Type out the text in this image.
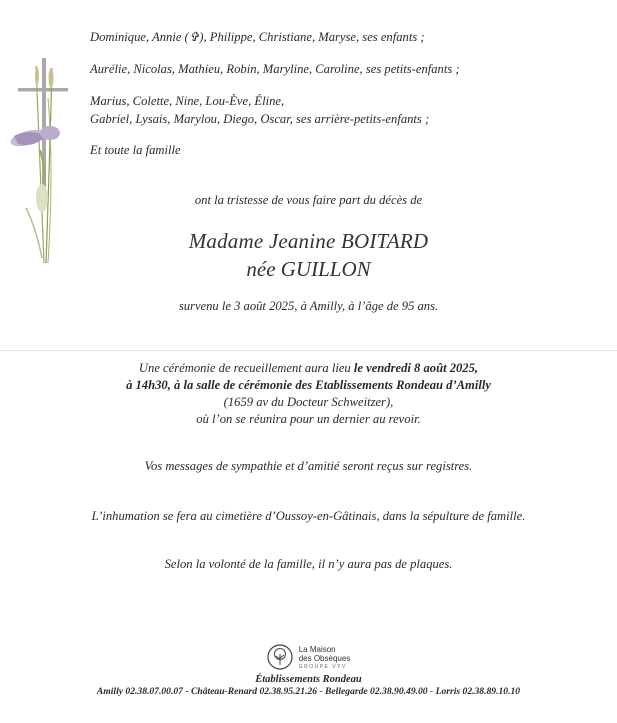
Dominique, Annie (✞), Philippe, Christiane, Maryse, ses enfants ;

Aurélie, Nicolas, Mathieu, Robin, Maryline, Caroline, ses petits-enfants ;

Marius, Colette, Nine, Lou-Ève, Éline,
Gabriel, Lysais, Marylou, Diego, Oscar, ses arrière-petits-enfants ;

Et toute la famille

ont la tristesse de vous faire part du décès de
Madame Jeanine BOITARD
née GUILLON
survenu le 3 août 2025, à Amilly, à l’âge de 95 ans.
Une cérémonie de recueillement aura lieu le vendredi 8 août 2025,
à 14h30, à la salle de cérémonie des Etablissements Rondeau d’Amilly
(1659 av du Docteur Schweitzer),
où l’on se réunira pour un dernier au revoir.
Vos messages de sympathie et d’amitié seront reçus sur registres.
L’inhumation se fera au cimetière d’Oussoy-en-Gâtinais, dans la sépulture de famille.
Selon la volonté de la famille, il n’y aura pas de plaques.
La Maison
des Obsèques
GROUPE VYV
Établissements Rondeau
Amilly 02.38.07.00.07 - Château-Renard 02.38.95.21.26 - Bellegarde 02.38.90.49.00 - Lorris 02.38.89.10.10
